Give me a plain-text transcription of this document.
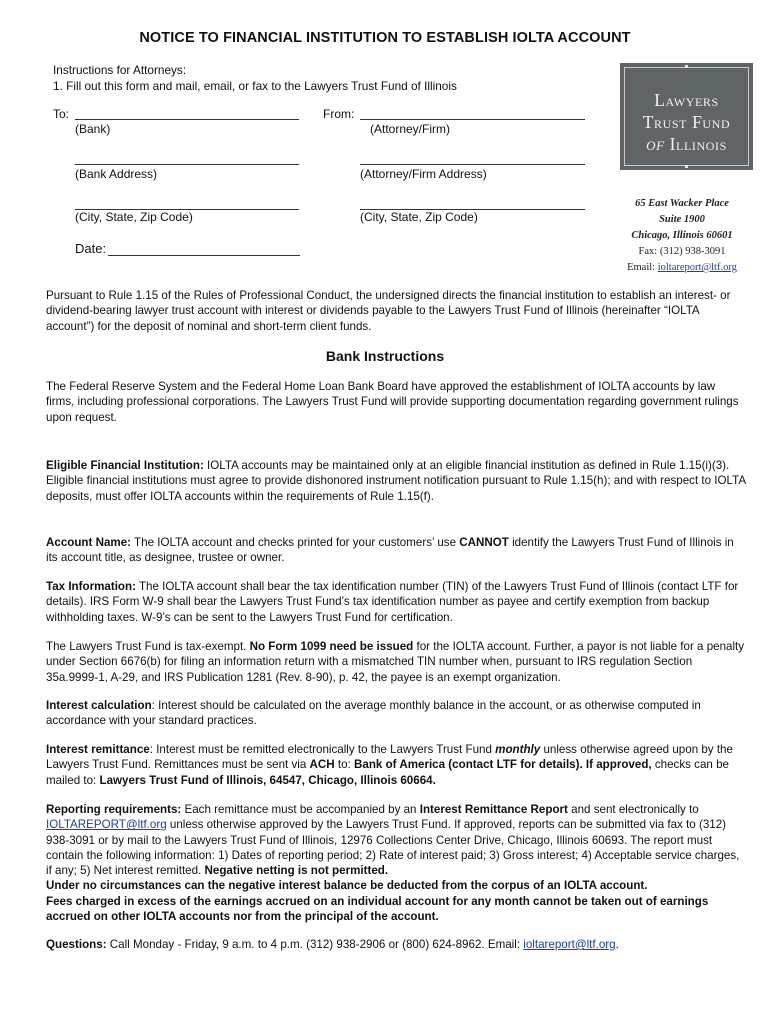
NOTICE TO FINANCIAL INSTITUTION TO ESTABLISH IOLTA ACCOUNT
Instructions for Attorneys:
1. Fill out this form and mail, email, or fax to the Lawyers Trust Fund of Illinois
To:
(Bank)
From:
(Attorney/Firm)
(Bank Address)	(Attorney/Firm Address)
(City, State, Zip Code)	(City, State, Zip Code)
Date:
Lawyers
Trust Fund
of Illinois
65 East Wacker Place
Suite 1900
Chicago, Illinois 60601
Fax: (312) 938-3091
Email: ioltareport@ltf.org
Pursuant to Rule 1.15 of the Rules of Professional Conduct, the undersigned directs the financial institution to establish an interest- or dividend-bearing lawyer trust account with interest or dividends payable to the Lawyers Trust Fund of Illinois (hereinafter “IOLTA account”) for the deposit of nominal and short-term client funds.
Bank Instructions
The Federal Reserve System and the Federal Home Loan Bank Board have approved the establishment of IOLTA accounts by law firms, including professional corporations. The Lawyers Trust Fund will provide supporting documentation regarding government rulings upon request.
Eligible Financial Institution: IOLTA accounts may be maintained only at an eligible financial institution as defined in Rule 1.15(i)(3). Eligible financial institutions must agree to provide dishonored instrument notification pursuant to Rule 1.15(h); and with respect to IOLTA deposits, must offer IOLTA accounts within the requirements of Rule 1.15(f).
Account Name: The IOLTA account and checks printed for your customers’ use CANNOT identify the Lawyers Trust Fund of Illinois in its account title, as designee, trustee or owner.
Tax Information: The IOLTA account shall bear the tax identification number (TIN) of the Lawyers Trust Fund of Illinois (contact LTF for details). IRS Form W-9 shall bear the Lawyers Trust Fund’s tax identification number as payee and certify exemption from backup withholding taxes. W-9’s can be sent to the Lawyers Trust Fund for certification.
The Lawyers Trust Fund is tax-exempt. No Form 1099 need be issued for the IOLTA account. Further, a payor is not liable for a penalty under Section 6676(b) for filing an information return with a mismatched TIN number when, pursuant to IRS regulation Section 35a.9999-1, A-29, and IRS Publication 1281 (Rev. 8-90), p. 42, the payee is an exempt organization.
Interest calculation: Interest should be calculated on the average monthly balance in the account, or as otherwise computed in accordance with your standard practices.
Interest remittance: Interest must be remitted electronically to the Lawyers Trust Fund monthly unless otherwise agreed upon by the Lawyers Trust Fund. Remittances must be sent via ACH to: Bank of America (contact LTF for details). If approved, checks can be mailed to: Lawyers Trust Fund of Illinois, 64547, Chicago, Illinois 60664.
Reporting requirements: Each remittance must be accompanied by an Interest Remittance Report and sent electronically to IOLTAREPORT@ltf.org unless otherwise approved by the Lawyers Trust Fund. If approved, reports can be submitted via fax to (312) 938-3091 or by mail to the Lawyers Trust Fund of Illinois, 12976 Collections Center Drive, Chicago, Illinois 60693. The report must contain the following information: 1) Dates of reporting period; 2) Rate of interest paid; 3) Gross interest; 4) Acceptable service charges, if any; 5) Net interest remitted. Negative netting is not permitted.
Under no circumstances can the negative interest balance be deducted from the corpus of an IOLTA account.
Fees charged in excess of the earnings accrued on an individual account for any month cannot be taken out of earnings accrued on other IOLTA accounts nor from the principal of the account.
Questions: Call Monday - Friday, 9 a.m. to 4 p.m. (312) 938-2906 or (800) 624-8962. Email: ioltareport@ltf.org.
